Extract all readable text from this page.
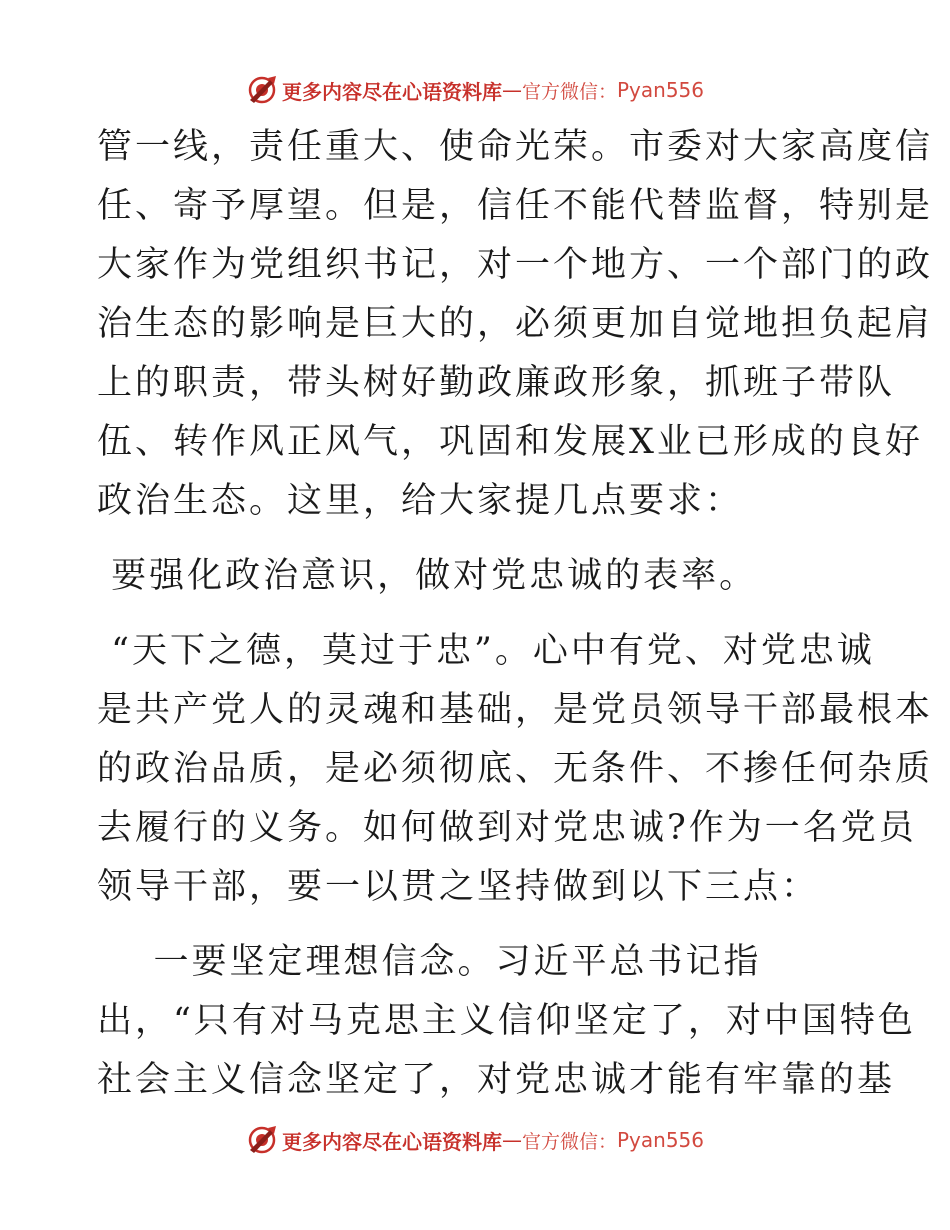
更多内容尽在心语资料库 — 官方微信： Pyan556
管一线，责任重大、使命光荣。市委对大家高度信
任、寄予厚望。但是，信任不能代替监督，特别是
大家作为党组织书记，对一个地方、一个部门的政
治生态的影响是巨大的，必须更加自觉地担负起肩
上的职责，带头树好勤政廉政形象，抓班子带队
伍、转作风正风气，巩固和发展X业已形成的良好
政治生态。这里，给大家提几点要求：
要强化政治意识，做对党忠诚的表率。
“天下之德，莫过于忠”。心中有党、对党忠诚
是共产党人的灵魂和基础，是党员领导干部最根本
的政治品质，是必须彻底、无条件、不掺任何杂质
去履行的义务。如何做到对党忠诚?作为一名党员
领导干部，要一以贯之坚持做到以下三点：
一要坚定理想信念。习近平总书记指
出，“只有对马克思主义信仰坚定了，对中国特色
社会主义信念坚定了，对党忠诚才能有牢靠的基
更多内容尽在心语资料库 — 官方微信： Pyan556
